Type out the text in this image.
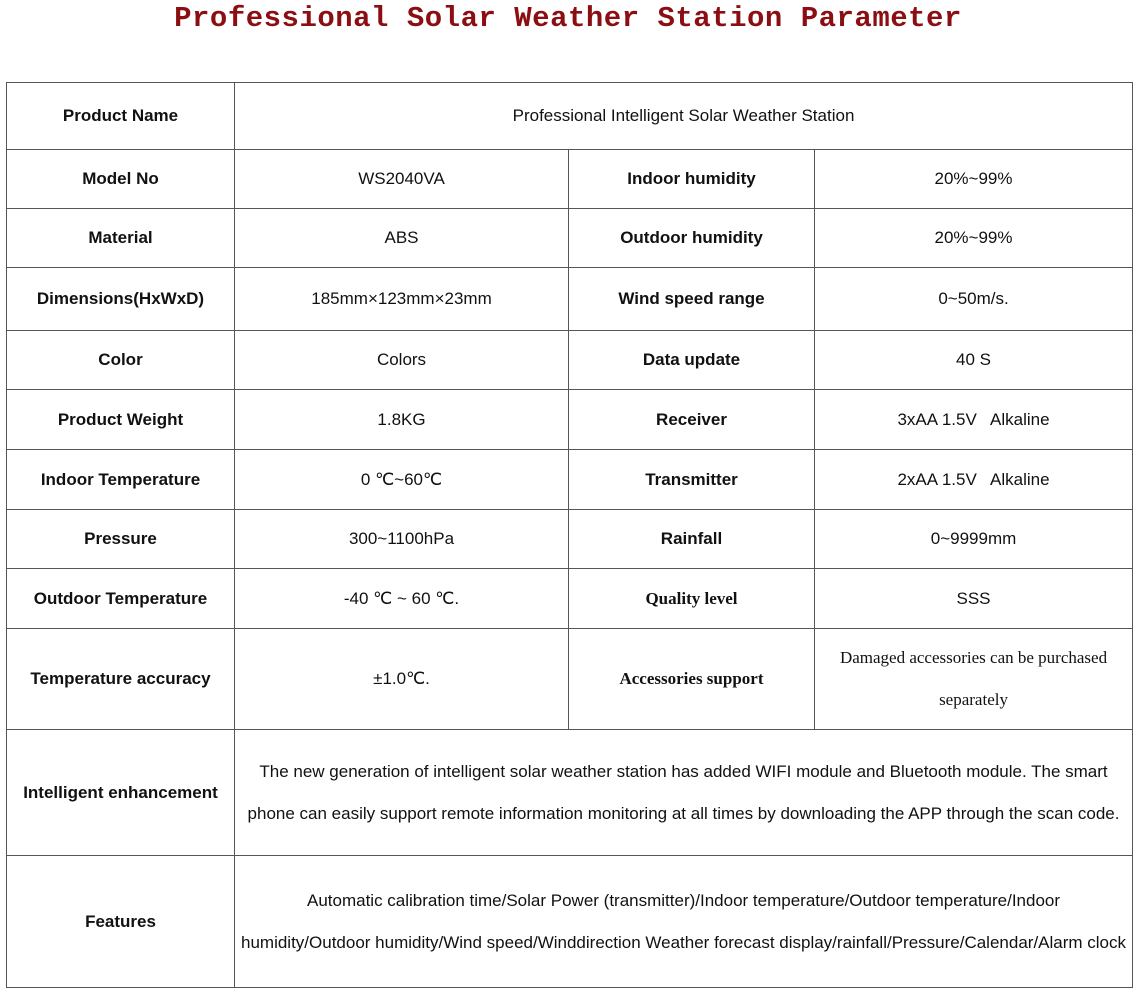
Professional Solar Weather Station Parameter
Product Name	Professional Intelligent Solar Weather Station		
Model No	WS2040VA	Indoor humidity	20%~99%
Material	ABS	Outdoor humidity	20%~99%
Dimensions(HxWxD)	185mm×123mm×23mm	Wind speed range	0~50m/s.
Color	Colors	Data update	40 S
Product Weight	1.8KG	Receiver	3xAA 1.5V   Alkaline
Indoor Temperature	0 ℃~60℃	Transmitter	2xAA 1.5V   Alkaline
Pressure	300~1100hPa	Rainfall	0~9999mm
Outdoor Temperature	-40 ℃ ~ 60 ℃.	Quality level	SSS
Temperature accuracy	±1.0℃.	Accessories support	Damaged accessories can be purchased separately
Intelligent enhancement	The new generation of intelligent solar weather station has added WIFI module and Bluetooth module. The smart phone can easily support remote information monitoring at all times by downloading the APP through the scan code.		
Features	Automatic calibration time/Solar Power (transmitter)/Indoor temperature/Outdoor temperature/Indoor humidity/Outdoor humidity/Wind speed/Winddirection Weather forecast display/rainfall/Pressure/Calendar/Alarm clock		
